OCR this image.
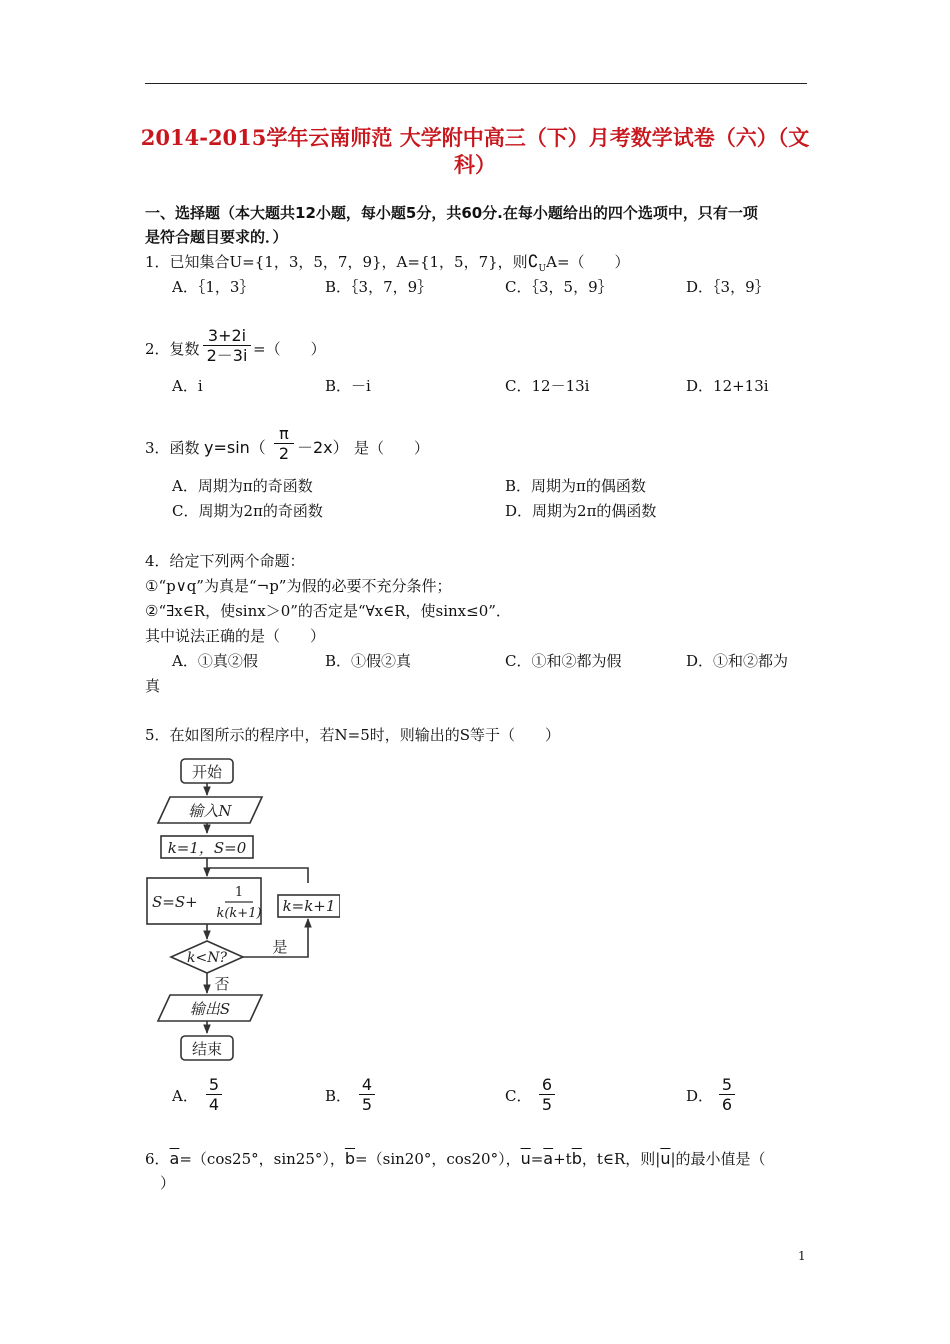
2014-2015学年云南师范 大学附中高三（下）月考数学试卷（六）（文科）
一、选择题（本大题共12小题，每小题5分，共60分.在每小题给出的四个选项中，只有一项
是符合题目要求的．）
1．已知集合U={1，3，5，7，9}，A={1，5，7}，则$∁_UA=$（　　）
A．｛1，3｝	B．｛3，7，9｝	C．｛3，5，9｝	D．｛3，9｝
2．复数
3+2i
2－3i =（　　）
A．i	B．－i	C．12－13i	D．12+13i
3．函数 y=sin（
π
2 －2x） 是（　　）
A．周期为π的奇函数	B．周期为π的偶函数
C．周期为2π的奇函数	D．周期为2π的偶函数
4．给定下列两个命题：
①“p∨q”为真是“¬p”为假的必要不充分条件；
②“∃x∈R，使sinx＞0”的否定是“∀x∈R，使sinx≤0”．
其中说法正确的是（　　）
A．①真②假	B．①假②真	C．①和②都为假	D．①和②都为
真
5．在如图所示的程序中，若N=5时，则输出的S等于（　　）
开始
输入N
k=1，S=0
S=S+
1
k(k+1) k=k+1
k<N?
是
否
输出S
结束
A．
5
4	B．
4
5	C．
6
5	D．
5
6
6．$\overline{a}=(\cos 25^\circ$，sin25°），$\overline{b}=(\sin 20^\circ$，cos20°），$\overline{u}=\overline{a}+t\overline{b}$，t∈R，则$|\overline{u}|$的最小值是（
）
1
